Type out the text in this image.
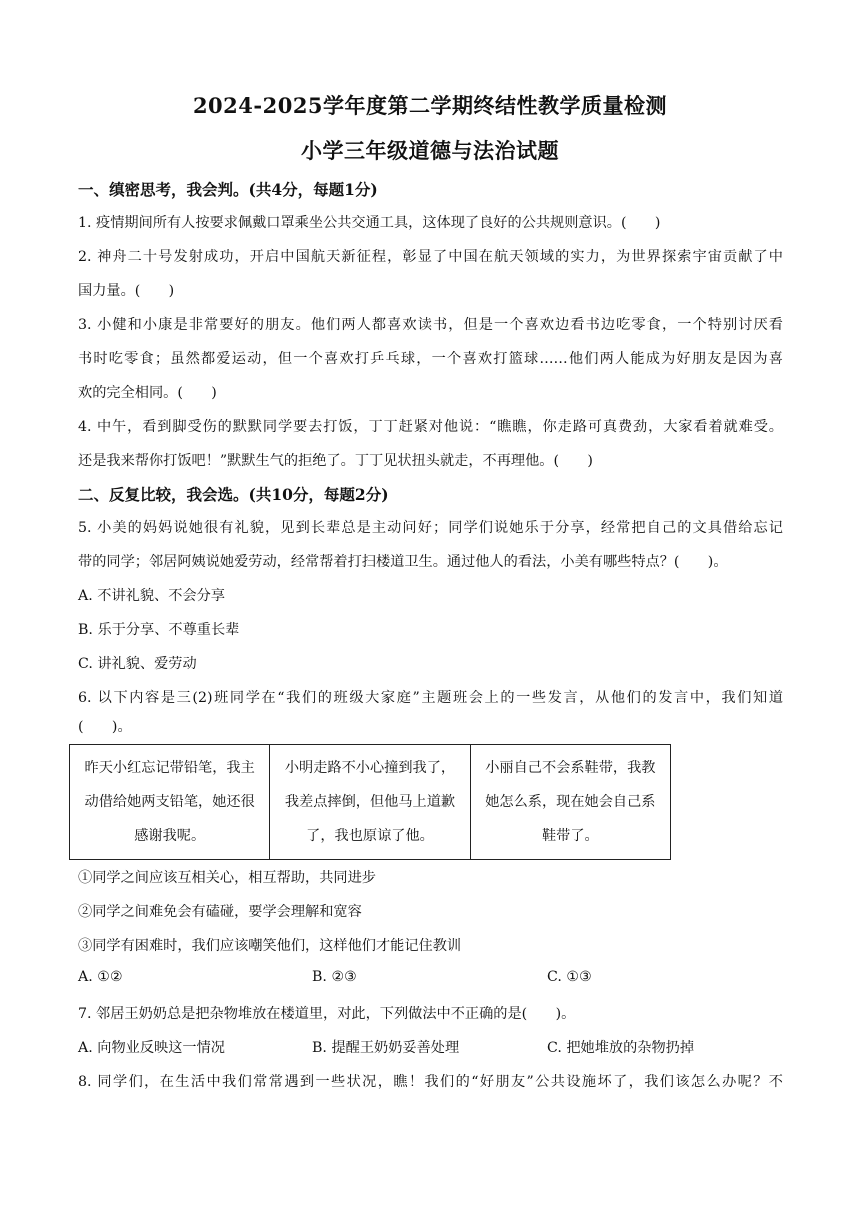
2024-2025学年度第二学期终结性教学质量检测
小学三年级道德与法治试题
一、缜密思考，我会判。(共4分，每题1分)
1. 疫情期间所有人按要求佩戴口罩乘坐公共交通工具，这体现了良好的公共规则意识。(　　)
2. 神舟二十号发射成功，开启中国航天新征程，彰显了中国在航天领域的实力，为世界探索宇宙贡献了中
国力量。(　　)
3. 小健和小康是非常要好的朋友。他们两人都喜欢读书，但是一个喜欢边看书边吃零食，一个特别讨厌看
书时吃零食；虽然都爱运动，但一个喜欢打乒乓球，一个喜欢打篮球……他们两人能成为好朋友是因为喜
欢的完全相同。(　　)
4. 中午，看到脚受伤的默默同学要去打饭，丁丁赶紧对他说：“瞧瞧，你走路可真费劲，大家看着就难受。
还是我来帮你打饭吧！”默默生气的拒绝了。丁丁见状扭头就走，不再理他。(　　)
二、反复比较，我会选。(共10分，每题2分)
5. 小美的妈妈说她很有礼貌，见到长辈总是主动问好；同学们说她乐于分享，经常把自己的文具借给忘记
带的同学；邻居阿姨说她爱劳动，经常帮着打扫楼道卫生。通过他人的看法，小美有哪些特点？(　　)。
A. 不讲礼貌、不会分享
B. 乐于分享、不尊重长辈
C. 讲礼貌、爱劳动
6. 以下内容是三(2)班同学在“我们的班级大家庭”主题班会上的一些发言，从他们的发言中，我们知道
(　　)。
昨天小红忘记带铅笔，我主动借给她两支铅笔，她还很感谢我呢。	小明走路不小心撞到我了，我差点摔倒，但他马上道歉了，我也原谅了他。	小丽自己不会系鞋带，我教她怎么系，现在她会自己系鞋带了。
①同学之间应该互相关心，相互帮助，共同进步
②同学之间难免会有磕碰，要学会理解和宽容
③同学有困难时，我们应该嘲笑他们，这样他们才能记住教训
A. ①②	B. ②③	C. ①③
7. 邻居王奶奶总是把杂物堆放在楼道里，对此，下列做法中不正确的是(　　)。
A. 向物业反映这一情况	B. 提醒王奶奶妥善处理	C. 把她堆放的杂物扔掉
8. 同学们，在生活中我们常常遇到一些状况，瞧！我们的“好朋友”公共设施坏了，我们该怎么办呢？不
